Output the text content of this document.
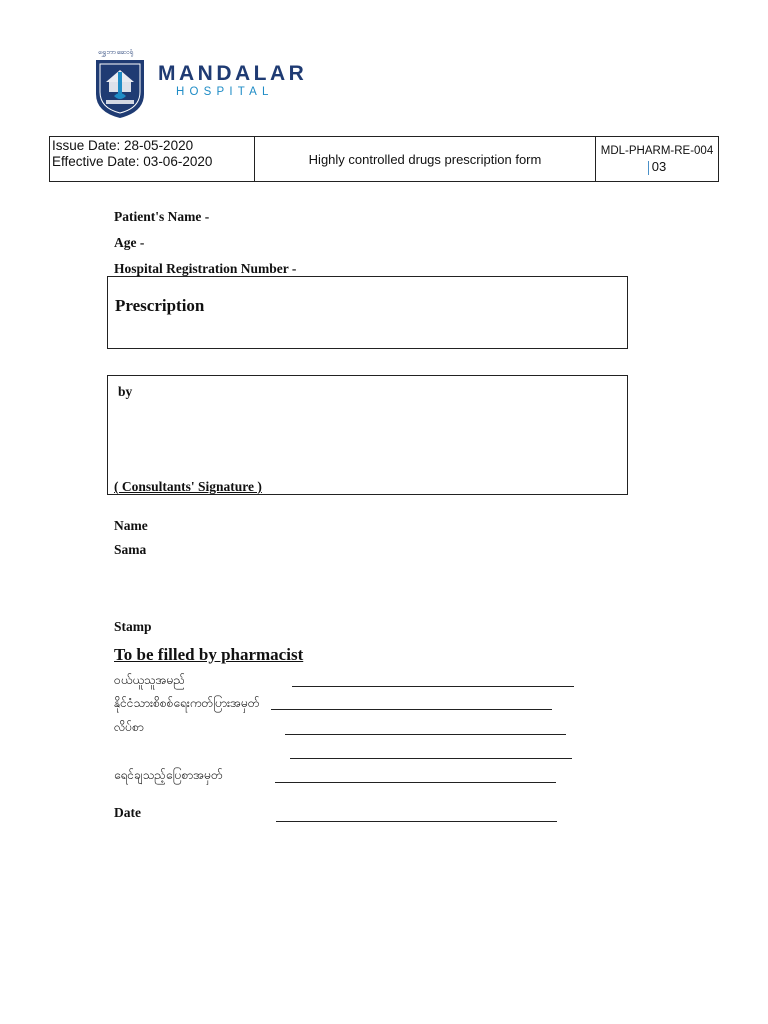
ရွှေဘာဆေးရုံ
MANDALAR
HOSPITAL
Issue Date: 28-05-2020
Effective Date: 03-06-2020	Highly controlled drugs prescription form
MDL-PHARM-RE-004
03
Patient's Name -
Age -
Hospital Registration Number -
Prescription
by
( Consultants' Signature )
Name
Sama
Stamp
To be filled by pharmacist
ဝယ်ယူသူအမည်
နိုင်ငံသားစိစစ်ရေးကတ်ပြားအမှတ်
လိပ်စာ
ရေင်ချသည့်ပြေစာအမှတ်
Date
